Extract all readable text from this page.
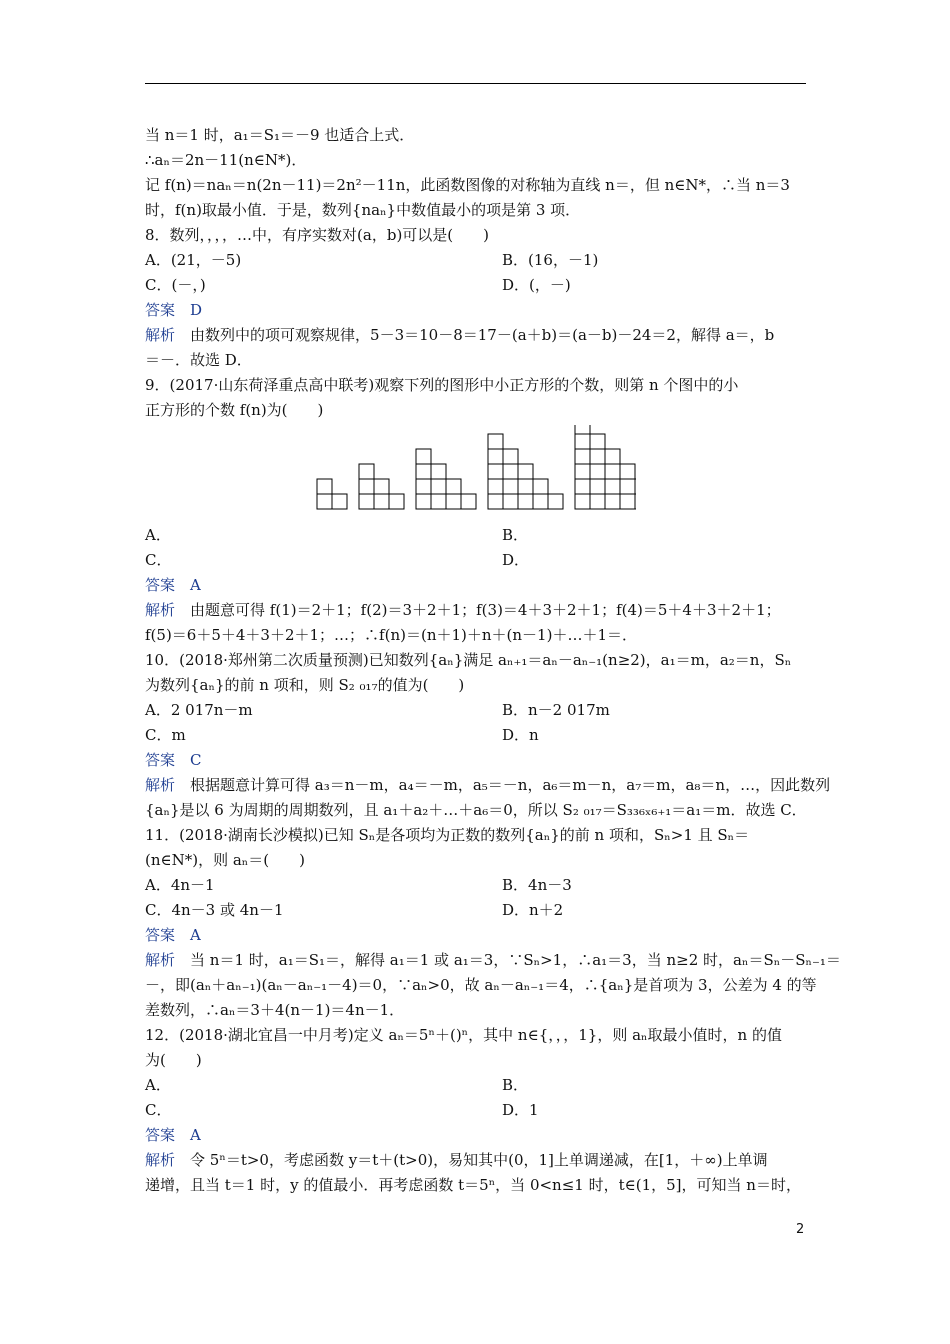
当 n＝1 时，a₁＝S₁＝－9 也适合上式．
∴aₙ＝2n－11(n∈N*)．
记 f(n)＝naₙ＝n(2n－11)＝2n²－11n，此函数图像的对称轴为直线 n＝，但 n∈N*，∴当 n＝3
时，f(n)取最小值．于是，数列{naₙ}中数值最小的项是第 3 项．
8．数列，，，，…中，有序实数对(a，b)可以是(　　)
A．(21，－5)	B．(16，－1)
C．(－，)	D．(，－)
答案　 D
解析　 由数列中的项可观察规律，5－3＝10－8＝17－(a＋b)＝(a－b)－24＝2，解得 a＝，b
＝－．故选 D．
9．(2017·山东荷泽重点高中联考)观察下列的图形中小正方形的个数，则第 n 个图中的小
正方形的个数 f(n)为(　　)
A．	B．
C．	D．
答案　 A
解析　 由题意可得 f(1)＝2＋1；f(2)＝3＋2＋1；f(3)＝4＋3＋2＋1；f(4)＝5＋4＋3＋2＋1；
f(5)＝6＋5＋4＋3＋2＋1；…；∴f(n)＝(n＋1)＋n＋(n－1)＋…＋1＝．
10．(2018·郑州第二次质量预测)已知数列{aₙ}满足 aₙ₊₁＝aₙ－aₙ₋₁(n≥2)，a₁＝m，a₂＝n，Sₙ
为数列{aₙ}的前 n 项和，则 S₂ ₀₁₇的值为(　　)
A．2 017n－m	B．n－2 017m
C．m	D．n
答案　 C
解析　 根据题意计算可得 a₃＝n－m，a₄＝－m，a₅＝－n，a₆＝m－n，a₇＝m，a₈＝n，…，因此数列
{aₙ}是以 6 为周期的周期数列，且 a₁＋a₂＋…＋a₆＝0，所以 S₂ ₀₁₇＝S₃₃₆ₓ₆₊₁＝a₁＝m．故选 C．
11．(2018·湖南长沙模拟)已知 Sₙ是各项均为正数的数列{aₙ}的前 n 项和，Sₙ>1 且 Sₙ＝
(n∈N*)，则 aₙ＝(　　)
A．4n－1	B．4n－3
C．4n－3 或 4n－1	D．n＋2
答案　 A
解析　 当 n＝1 时，a₁＝S₁＝，解得 a₁＝1 或 a₁＝3，∵Sₙ>1，∴a₁＝3，当 n≥2 时，aₙ＝Sₙ－Sₙ₋₁＝
－，即(aₙ＋aₙ₋₁)(aₙ－aₙ₋₁－4)＝0，∵aₙ>0，故 aₙ－aₙ₋₁＝4，∴{aₙ}是首项为 3，公差为 4 的等
差数列，∴aₙ＝3＋4(n－1)＝4n－1．
12．(2018·湖北宜昌一中月考)定义 aₙ＝5ⁿ＋()ⁿ，其中 n∈{，，，1}，则 aₙ取最小值时，n 的值
为(　　)
A．	B．
C．	D．1
答案　 A
解析　 令 5ⁿ＝t>0，考虑函数 y＝t＋(t>0)，易知其中(0，1]上单调递减，在[1，＋∞)上单调
递增，且当 t＝1 时，y 的值最小．再考虑函数 t＝5ⁿ，当 0<n≤1 时，t∈(1，5]，可知当 n＝时，
2
